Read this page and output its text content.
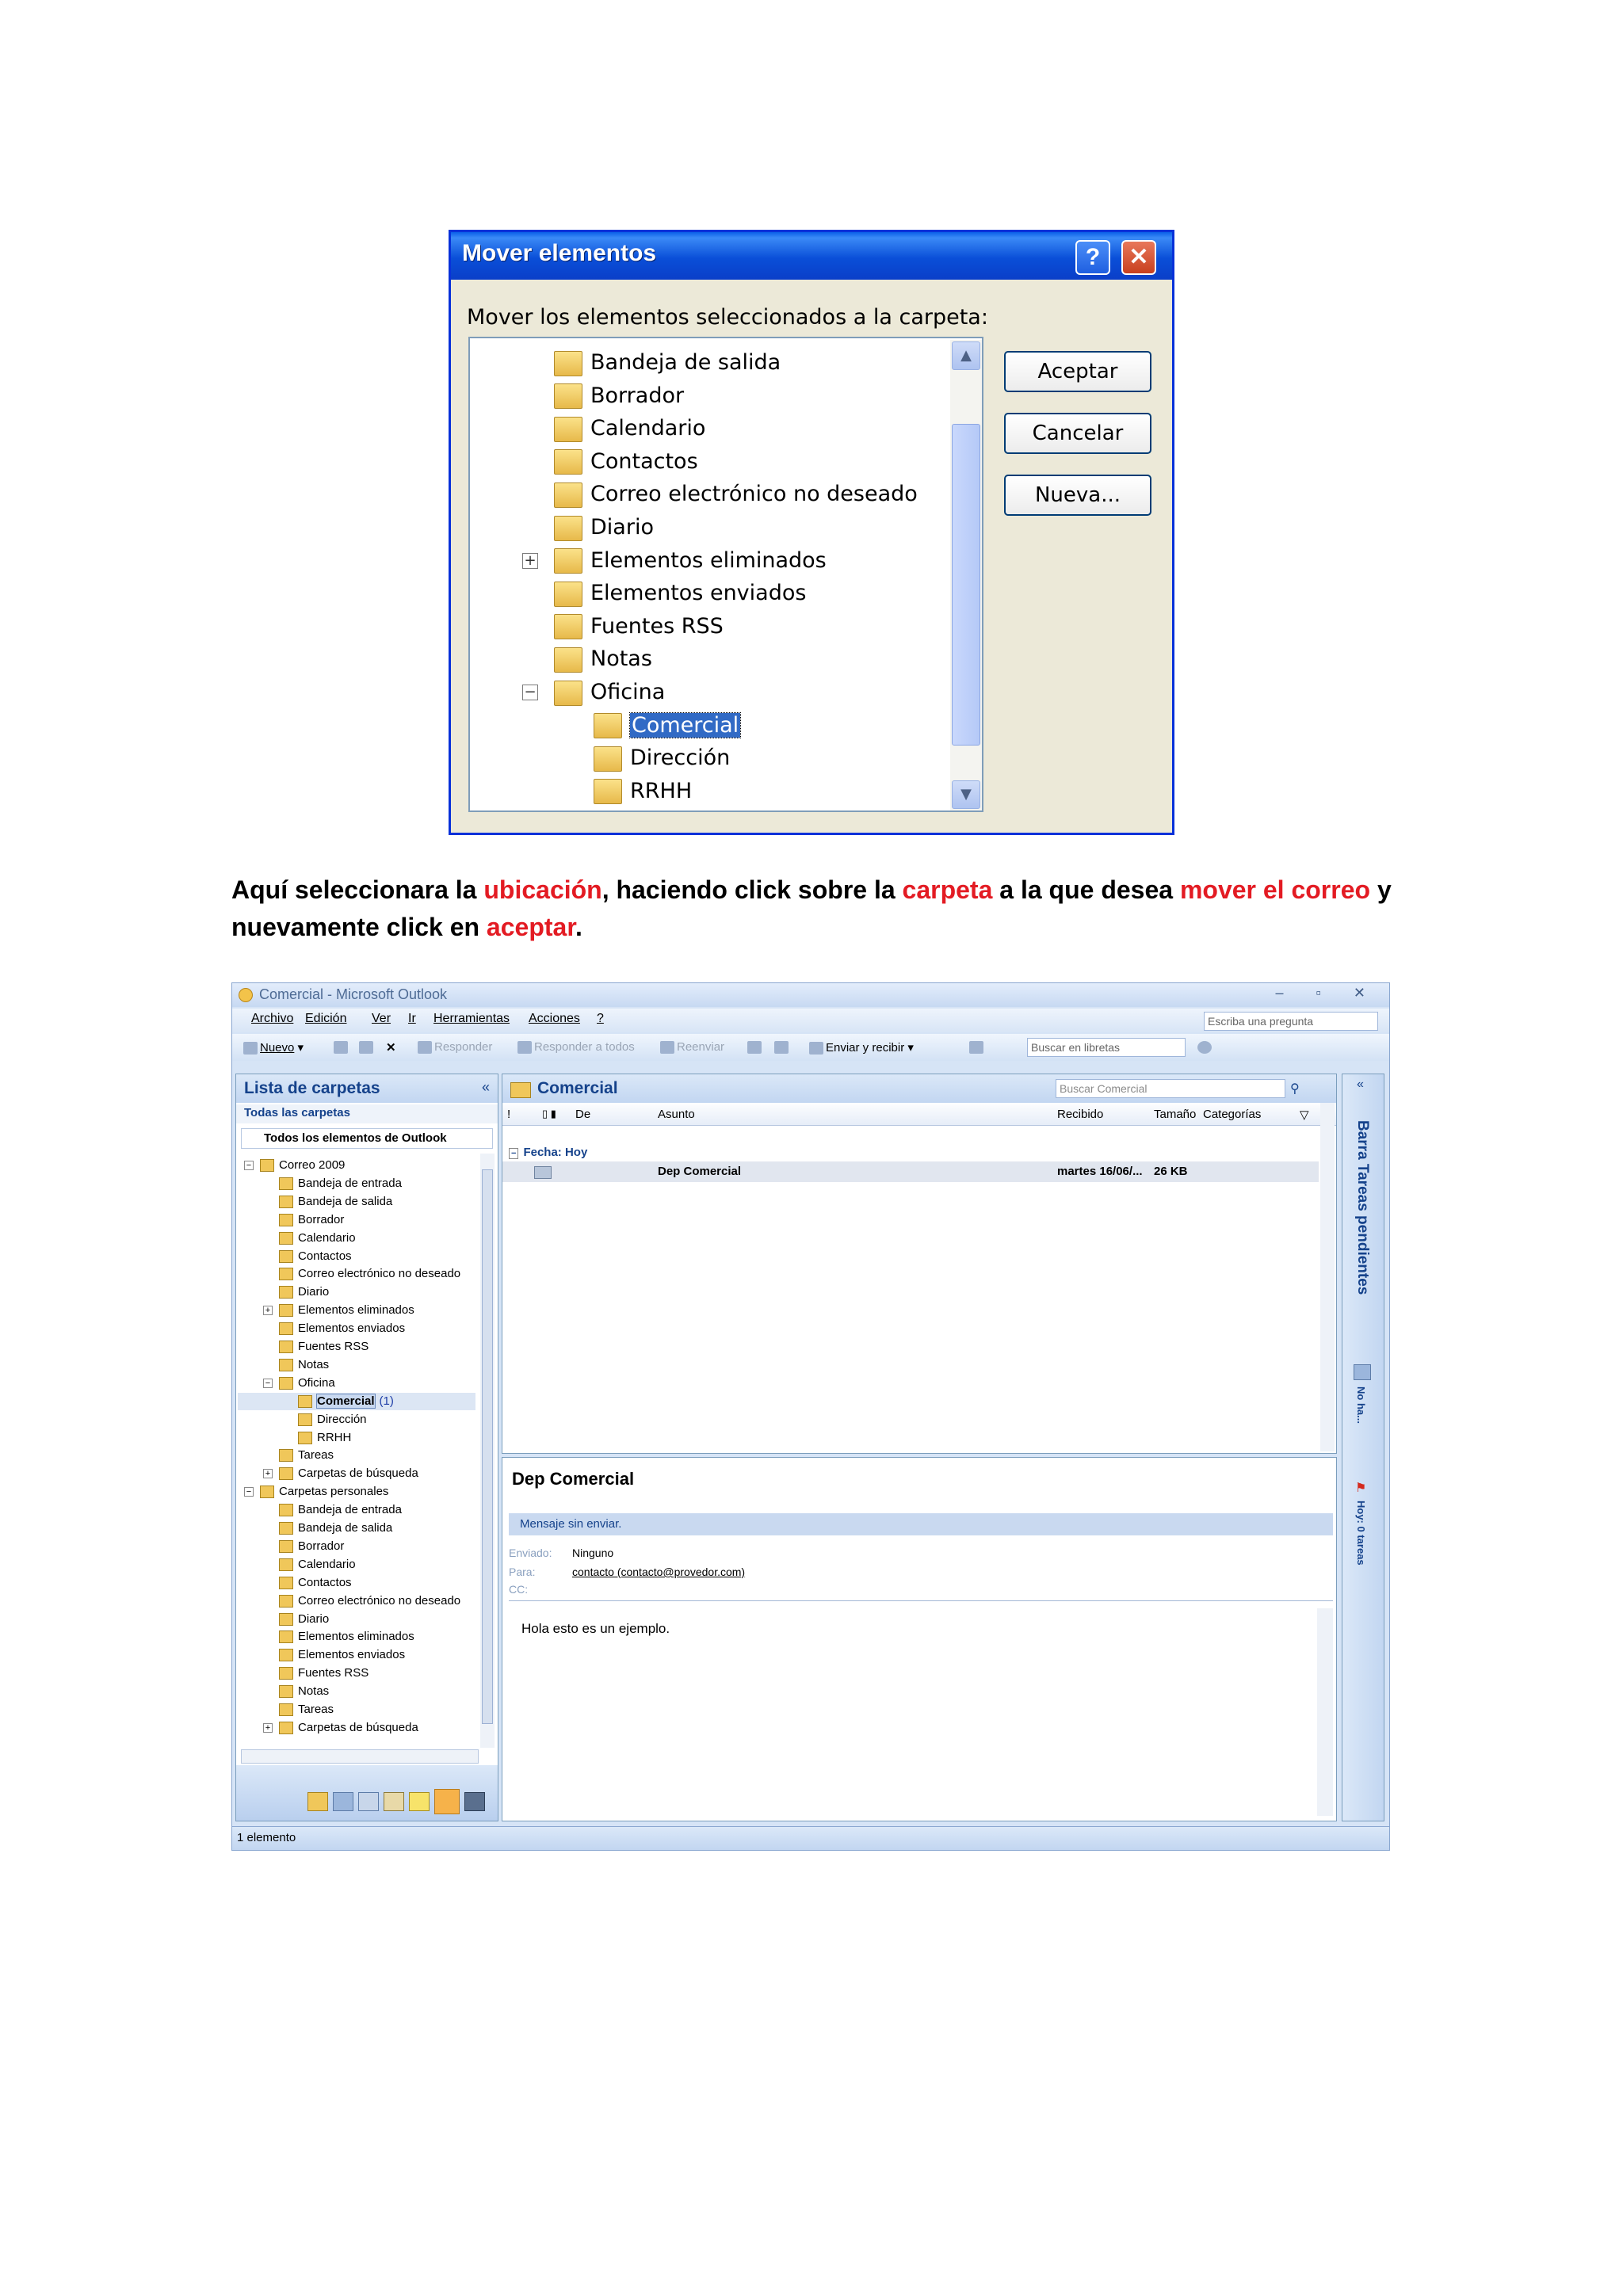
Mover elementos	?	✕
Mover los elementos seleccionados a la carpeta:
Bandeja de salida
Borrador
Calendario
Contactos
Correo electrónico no deseado
Diario
+	Elementos eliminados
Elementos enviados
Fuentes RSS
Notas
−	Oficina
Comercial
Dirección
RRHH
▲
▼
Aceptar
Cancelar
Nueva...
Aquí seleccionara la ubicación, haciendo click sobre la carpeta a la que desea mover el correo y nuevamente click en aceptar.
Comercial - Microsoft Outlook	– ▫ ✕
Archivo Edición Ver Ir Herramientas Acciones ?	Escriba una pregunta
Nuevo ▾	✕	Responder	Responder a todos	Reenviar	Enviar y recibir ▾	Buscar en libretas
Lista de carpetas	«
Todas las carpetas
Todos los elementos de Outlook
−	Correo 2009
Bandeja de entrada
Bandeja de salida
Borrador
Calendario
Contactos
Correo electrónico no deseado
Diario
+	Elementos eliminados
Elementos enviados
Fuentes RSS
Notas
−	Oficina
Comercial (1)
Dirección
RRHH
Tareas
+	Carpetas de búsqueda
−	Carpetas personales
Bandeja de entrada
Bandeja de salida
Borrador
Calendario
Contactos
Correo electrónico no deseado
Diario
Elementos eliminados
Elementos enviados
Fuentes RSS
Notas
Tareas
+	Carpetas de búsqueda
Comercial	Buscar Comercial	⚲
!	▯ ▮ De	Asunto	Recibido	Tamaño Categorías	▽
− Fecha: Hoy
Dep Comercial	martes 16/06/... 26 KB
Dep Comercial
Mensaje sin enviar.
Enviado: Ninguno
Para:	contacto (contacto@provedor.com)
CC:
Hola esto es un ejemplo.
«
Barra Tareas pendientes
No ha...
⚑
Hoy: 0 tareas
1 elemento
